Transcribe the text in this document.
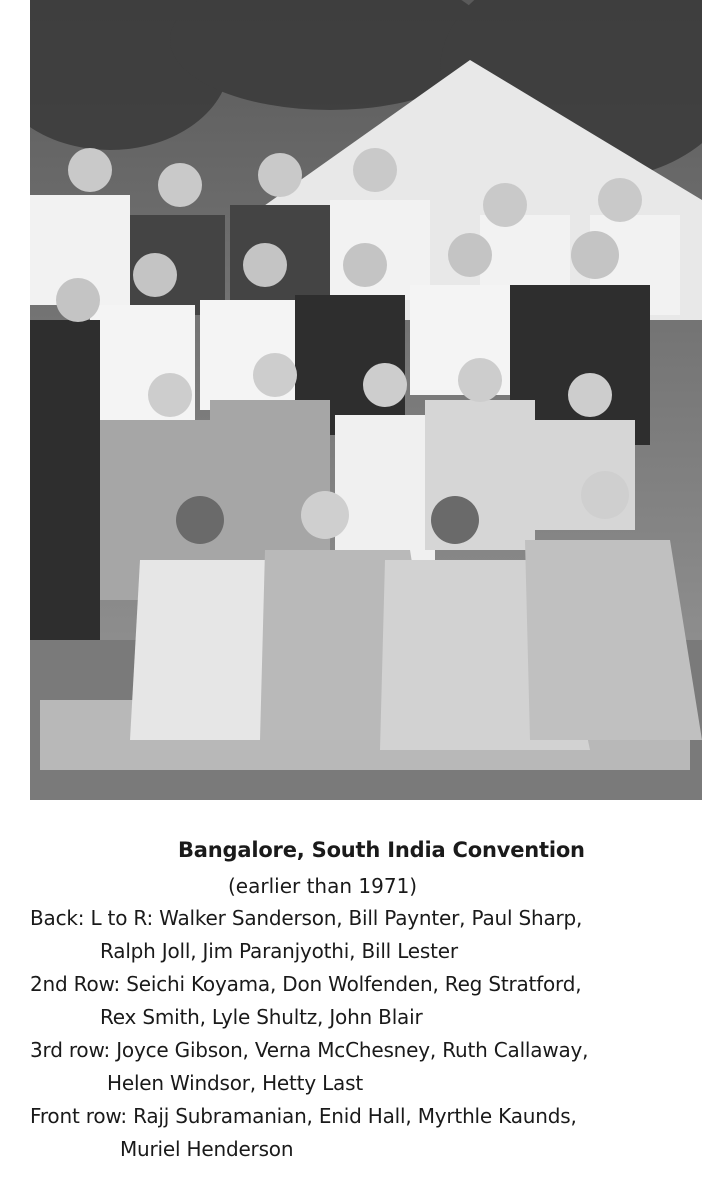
Bangalore, South India Convention
(earlier than 1971)
Back: L to R: Walker Sanderson, Bill Paynter, Paul Sharp,
Ralph Joll, Jim Paranjyothi, Bill Lester
2nd Row: Seichi Koyama, Don Wolfenden, Reg Stratford,
Rex Smith, Lyle Shultz, John Blair
3rd row: Joyce Gibson, Verna McChesney, Ruth Callaway,
Helen Windsor, Hetty Last
Front row: Rajj Subramanian, Enid Hall, Myrthle Kaunds,
Muriel Henderson
